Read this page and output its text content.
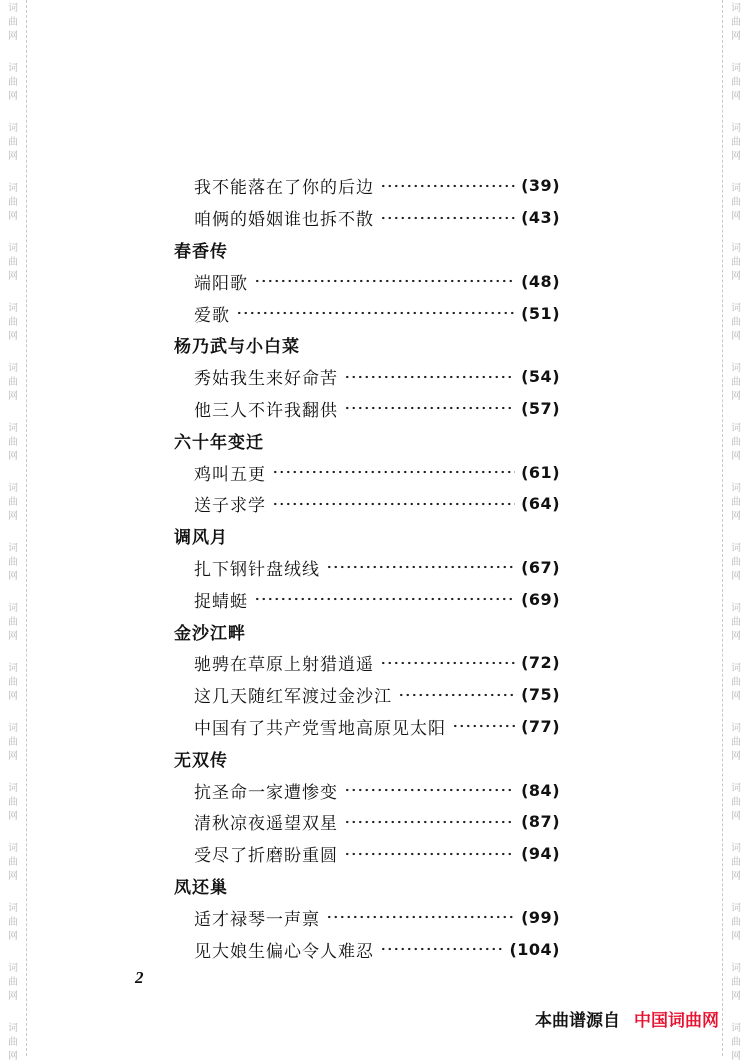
词
曲
网
词
曲
网
词
曲
网
词
曲
网
词
曲
网
词
曲
网
词
曲
网
词
曲
网
词
曲
网
词
曲
网
词
曲
网
词
曲
网
词
曲
网
词
曲
网
词
曲
网
词
曲
网
词
曲
网
词
曲
网
词
曲
网
词
曲
网
词
曲
网
词
曲
网
词
曲
网
词
曲
网
词
曲
网
词
曲
网
词
曲
网
词
曲
网
词
曲
网
词
曲
网
词
曲
网
词
曲
网
词
曲
网
词
曲
网
词
曲
网
词
曲
网
我不能落在了你的后边	(39)
咱俩的婚姻谁也拆不散	(43)
春香传
端阳歌	(48)
爱歌	(51)
杨乃武与小白菜
秀姑我生来好命苦	(54)
他三人不许我翻供	(57)
六十年变迁
鸡叫五更	(61)
送子求学	(64)
调风月
扎下钢针盘绒线	(67)
捉蜻蜓	(69)
金沙江畔
驰骋在草原上射猎逍遥	(72)
这几天随红军渡过金沙江	(75)
中国有了共产党雪地高原见太阳	(77)
无双传
抗圣命一家遭惨变	(84)
清秋凉夜遥望双星	(87)
受尽了折磨盼重圆	(94)
凤还巢
适才禄琴一声禀	(99)
见大娘生偏心令人难忍	(104)
2
本曲谱源自 中国词曲网
